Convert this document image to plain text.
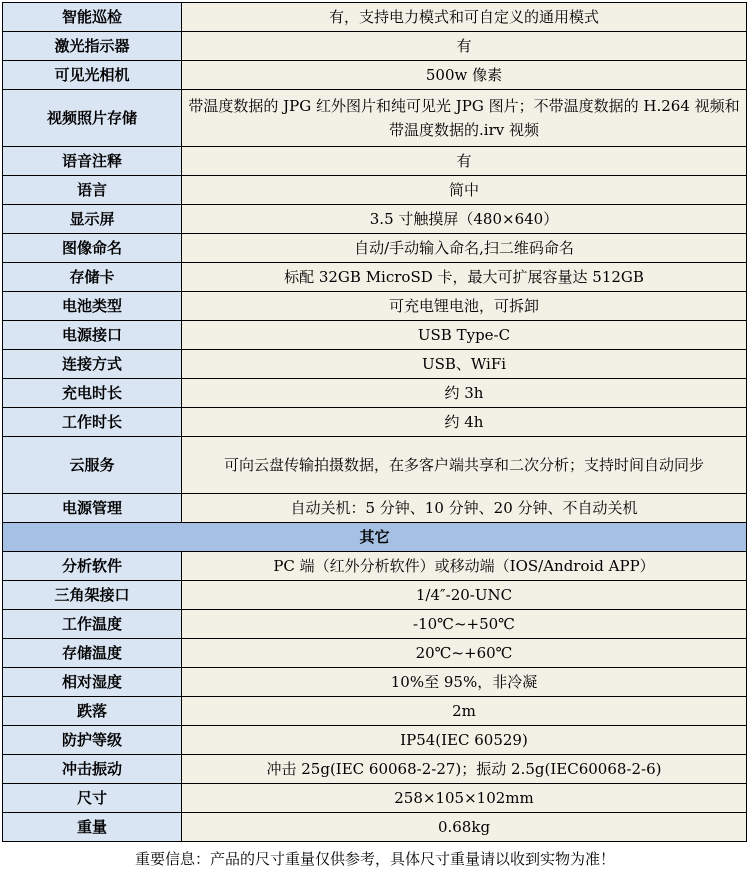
智能巡检	有，支持电力模式和可自定义的通用模式
激光指示器	有
可见光相机	500w 像素
视频照片存储	带温度数据的 JPG 红外图片和纯可见光 JPG 图片；不带温度数据的 H.264 视频和带温度数据的.irv 视频
语音注释	有
语言	简中
显示屏	3.5 寸触摸屏（480×640）
图像命名	自动/手动输入命名,扫二维码命名
存储卡	标配 32GB MicroSD 卡，最大可扩展容量达 512GB
电池类型	可充电锂电池，可拆卸
电源接口	USB Type-C
连接方式	USB、WiFi
充电时长	约 3h
工作时长	约 4h
云服务	可向云盘传输拍摄数据，在多客户端共享和二次分析；支持时间自动同步
电源管理	自动关机：5 分钟、10 分钟、20 分钟、不自动关机
其它	
分析软件	PC 端（红外分析软件）或移动端（IOS/Android APP）
三角架接口	1/4″-20-UNC
工作温度	-10℃~+50℃
存储温度	20℃~+60℃
相对湿度	10%至 95%，非冷凝
跌落	2m
防护等级	IP54(IEC 60529)
冲击振动	冲击 25g(IEC 60068-2-27)；振动 2.5g(IEC60068-2-6)
尺寸	258×105×102mm
重量	0.68kg
重要信息：产品的尺寸重量仅供参考，具体尺寸重量请以收到实物为准！
